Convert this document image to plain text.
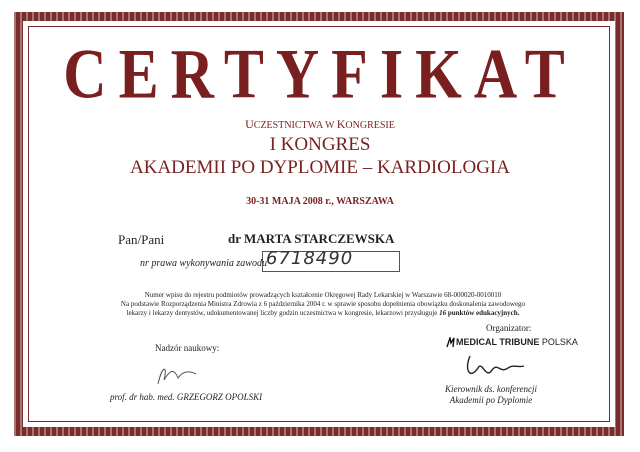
CERTYFIKAT
UCZESTNICTWA W KONGRESIE
I KONGRES
AKADEMII PO DYPLOMIE – KARDIOLOGIA
30-31 MAJA 2008 r., WARSZAWA
Pan/Pani	dr MARTA STARCZEWSKA
nr prawa wykonywania zawodu 6718490
Numer wpisu do rejestru podmiotów prowadzących kształcenie Okręgowej Rady Lekarskiej w Warszawie 68-000020-0010010
Na podstawie Rozporządzenia Ministra Zdrowia z 6 października 2004 r. w sprawie sposobu dopełnienia obowiązku doskonalenia zawodowego
lekarzy i lekarzy dentystów, udokumentowanej liczby godzin uczestnictwa w kongresie, lekarzowi przysługuje 16 punktów edukacyjnych.
Nadzór naukowy:
prof. dr hab. med. GRZEGORZ OPOLSKI
Organizator:
MEDICAL TRIBUNE POLSKA
Kierownik ds. konferencji
Akademii po Dyplomie
